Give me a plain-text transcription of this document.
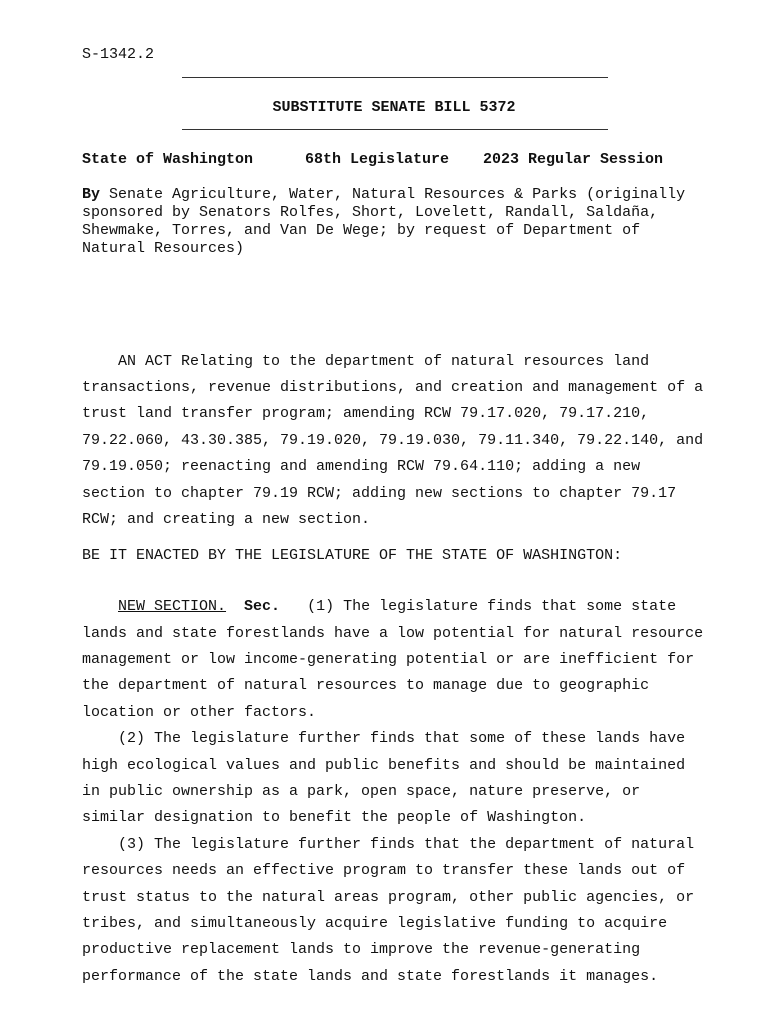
S-1342.2
SUBSTITUTE SENATE BILL 5372
State of Washington	68th Legislature 2023 Regular Session
By Senate Agriculture, Water, Natural Resources & Parks (originally
sponsored by Senators Rolfes, Short, Lovelett, Randall, Saldaña,
Shewmake, Torres, and Van De Wege; by request of Department of
Natural Resources)
AN ACT Relating to the department of natural resources land
transactions, revenue distributions, and creation and management of a
trust land transfer program; amending RCW 79.17.020, 79.17.210,
79.22.060, 43.30.385, 79.19.020, 79.19.030, 79.11.340, 79.22.140, and
79.19.050; reenacting and amending RCW 79.64.110; adding a new
section to chapter 79.19 RCW; adding new sections to chapter 79.17
RCW; and creating a new section.
BE IT ENACTED BY THE LEGISLATURE OF THE STATE OF WASHINGTON:
NEW SECTION. Sec.   (1) The legislature finds that some state
lands and state forestlands have a low potential for natural resource
management or low income-generating potential or are inefficient for
the department of natural resources to manage due to geographic
location or other factors.
(2) The legislature further finds that some of these lands have
high ecological values and public benefits and should be maintained
in public ownership as a park, open space, nature preserve, or
similar designation to benefit the people of Washington.
(3) The legislature further finds that the department of natural
resources needs an effective program to transfer these lands out of
trust status to the natural areas program, other public agencies, or
tribes, and simultaneously acquire legislative funding to acquire
productive replacement lands to improve the revenue-generating
performance of the state lands and state forestlands it manages.
